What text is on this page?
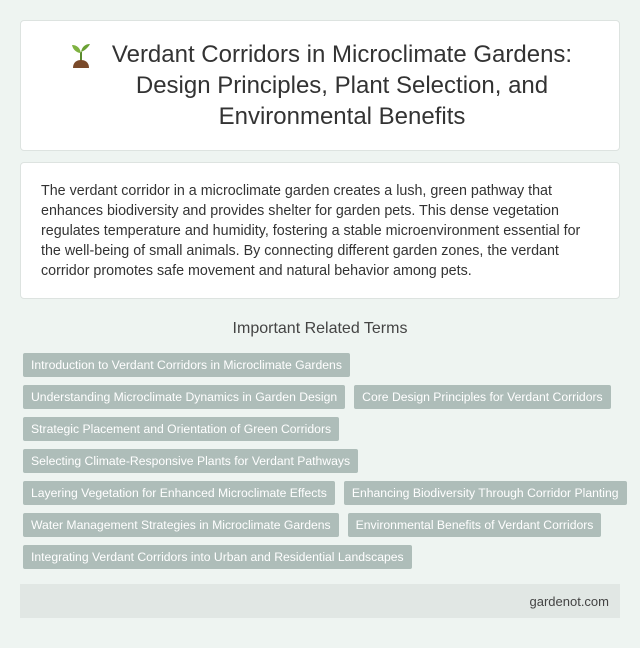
Verdant Corridors in Microclimate Gardens:
Design Principles, Plant Selection, and
Environmental Benefits

The verdant corridor in a microclimate garden creates a lush, green pathway that enhances biodiversity and provides shelter for garden pets. This dense vegetation regulates temperature and humidity, fostering a stable microenvironment essential for the well-being of small animals. By connecting different garden zones, the verdant corridor promotes safe movement and natural behavior among pets.

Important Related Terms
Introduction to Verdant Corridors in Microclimate Gardens
Understanding Microclimate Dynamics in Garden Design	Core Design Principles for Verdant Corridors
Strategic Placement and Orientation of Green Corridors
Selecting Climate-Responsive Plants for Verdant Pathways
Layering Vegetation for Enhanced Microclimate Effects	Enhancing Biodiversity Through Corridor Planting
Water Management Strategies in Microclimate Gardens	Environmental Benefits of Verdant Corridors
Integrating Verdant Corridors into Urban and Residential Landscapes
gardenot.com
